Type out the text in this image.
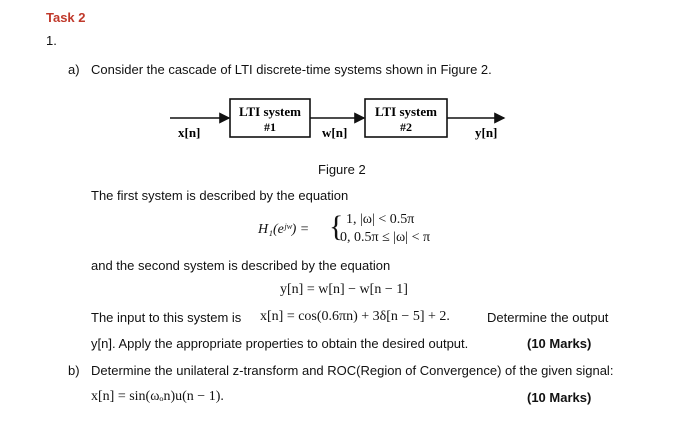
Task 2
1.
a) Consider the cascade of LTI discrete-time systems shown in Figure 2.
LTI system
#1
LTI system
#2
x[n]	w[n]	y[n]
Figure 2
The first system is described by the equation
H₁(eʲʷ) = { 1, |ω| < 0.5π
0, 0.5π ≤ |ω| < π
and the second system is described by the equation
y[n] = w[n] − w[n − 1]
The input to this system is x[n] = cos(0.6πn) + 3δ[n − 5] + 2.	Determine the output
y[n]. Apply the appropriate properties to obtain the desired output.	(10 Marks)
b) Determine the unilateral z-transform and ROC(Region of Convergence) of the given signal:
x[n] = sin(ωₒn)u(n − 1).	(10 Marks)
